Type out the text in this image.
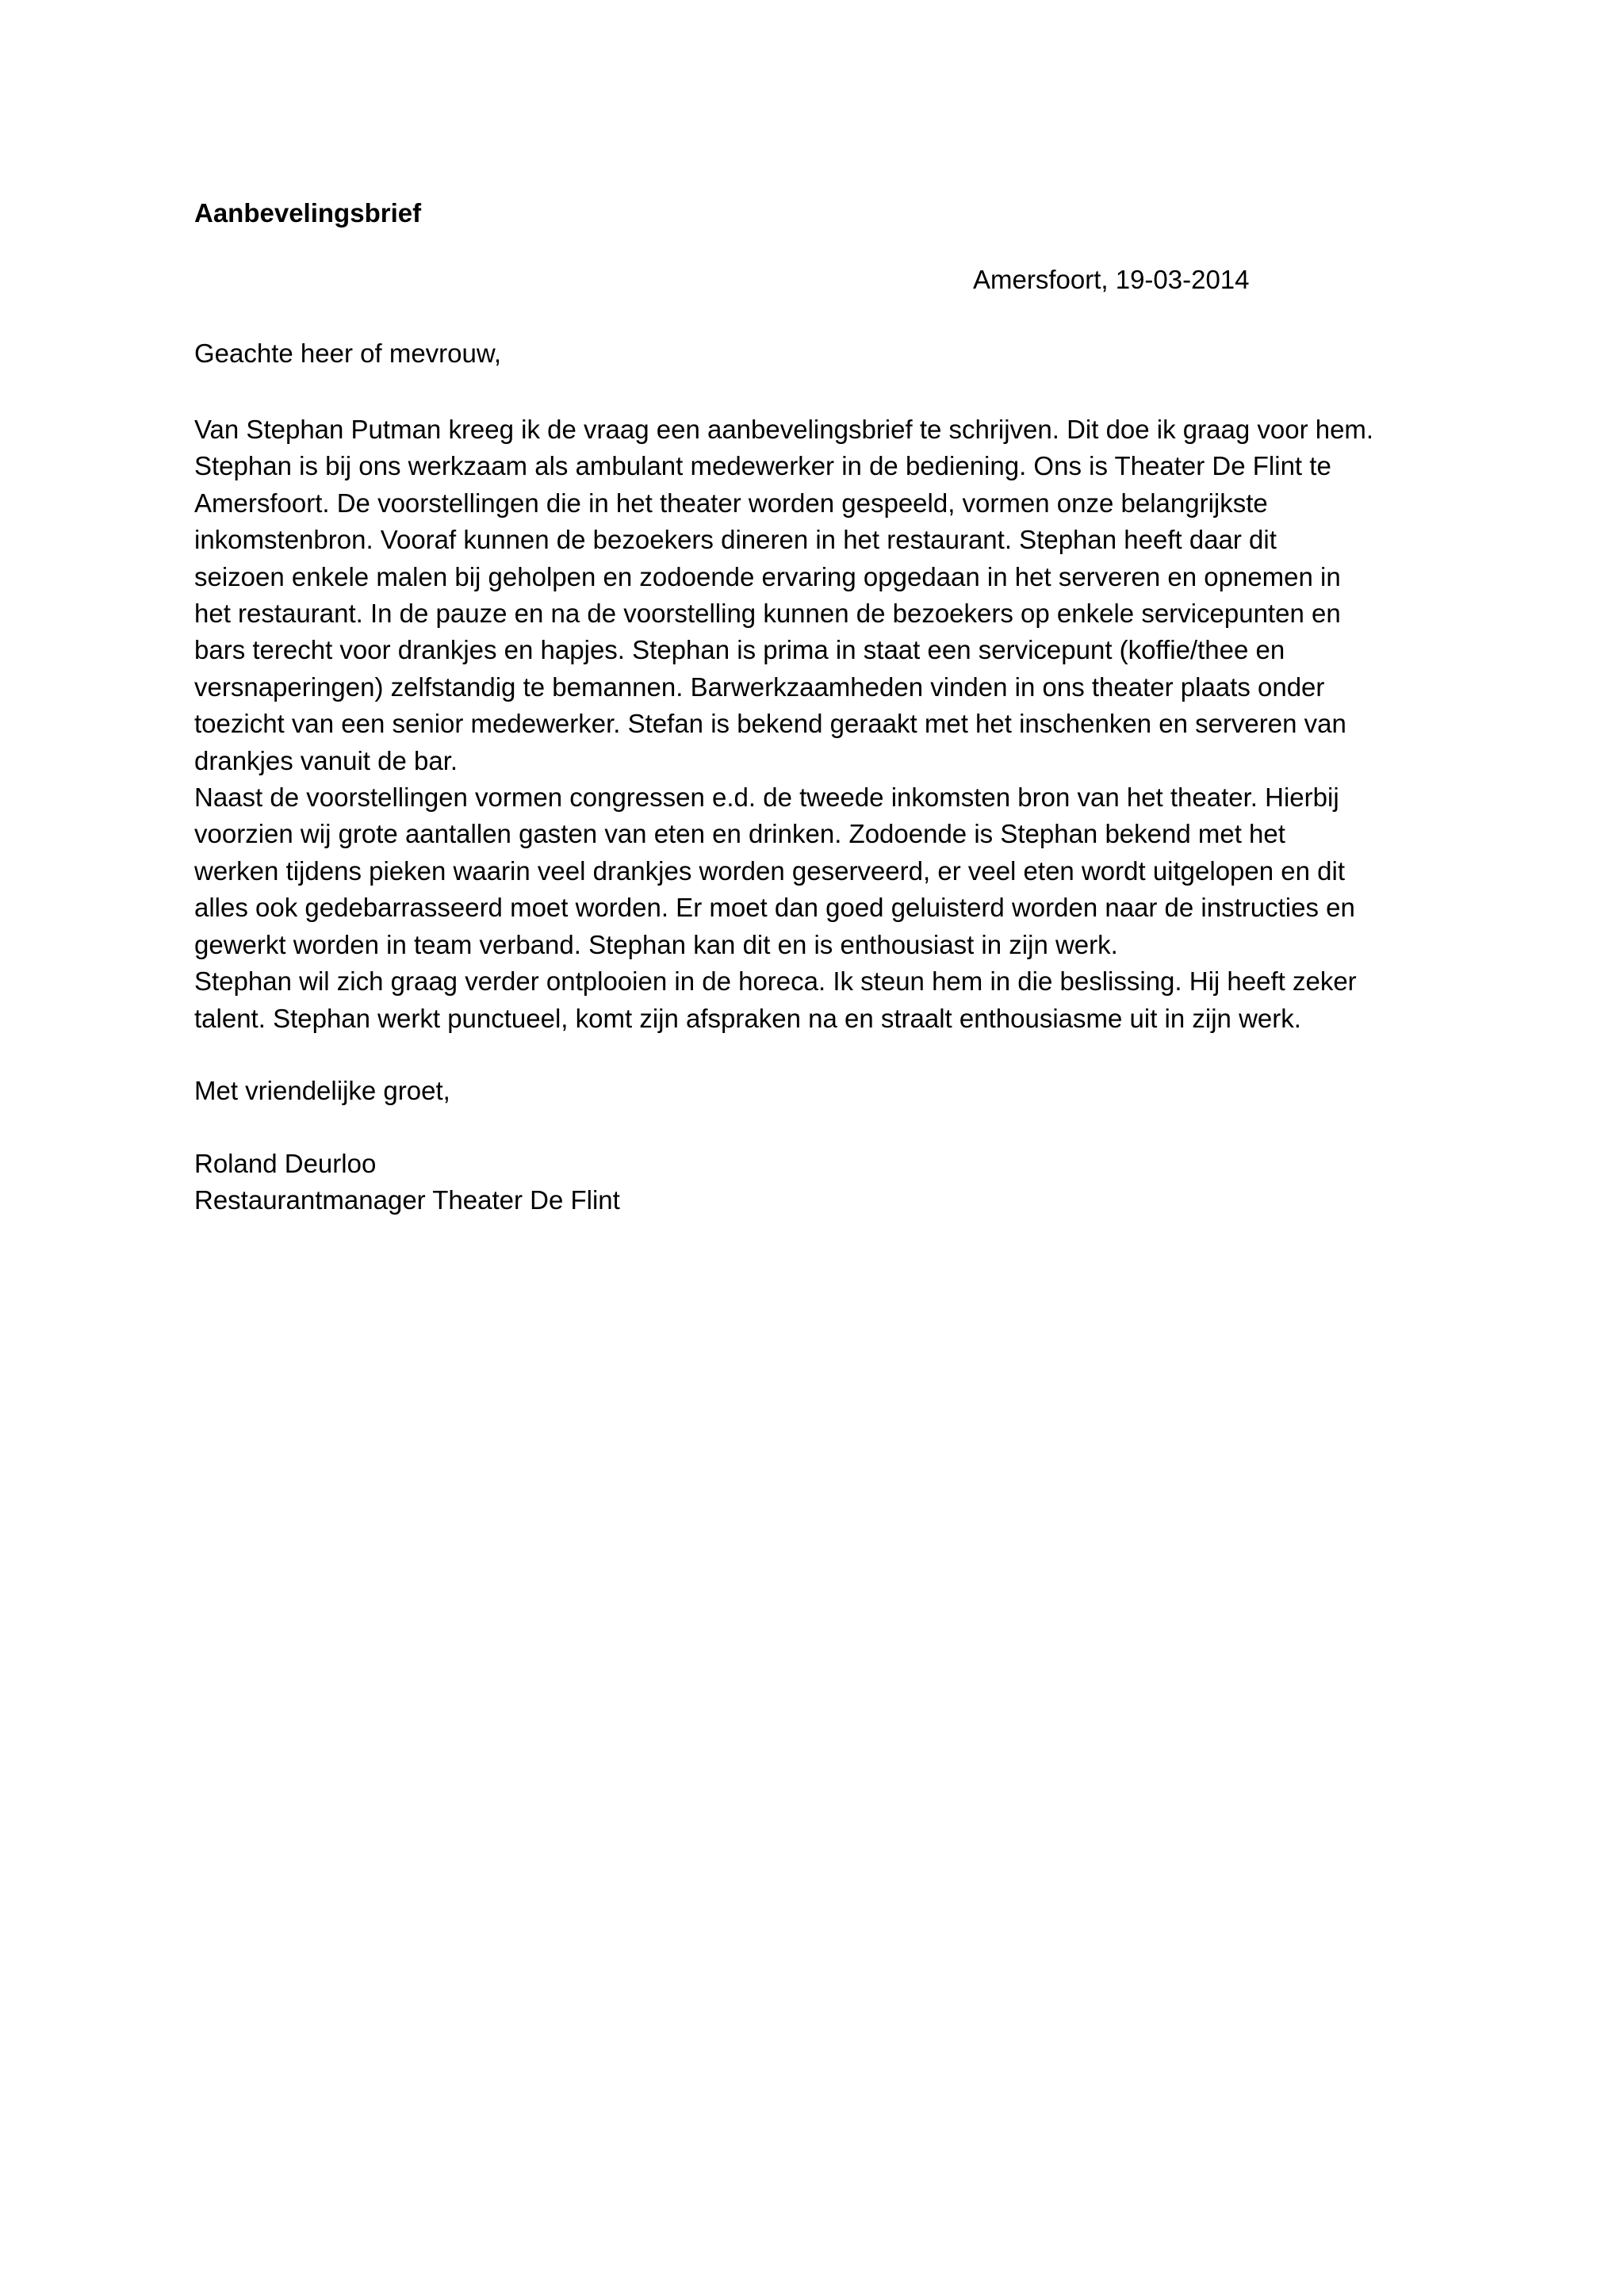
Aanbevelingsbrief

Amersfoort, 19-03-2014

Geachte heer of mevrouw,

Van Stephan Putman kreeg ik de vraag een aanbevelingsbrief te schrijven. Dit doe ik graag voor hem.
Stephan is bij ons werkzaam als ambulant medewerker in de bediening. Ons is Theater De Flint te
Amersfoort. De voorstellingen die in het theater worden gespeeld, vormen onze belangrijkste
inkomstenbron. Vooraf kunnen de bezoekers dineren in het restaurant. Stephan heeft daar dit
seizoen enkele malen bij geholpen en zodoende ervaring opgedaan in het serveren en opnemen in
het restaurant. In de pauze en na de voorstelling kunnen de bezoekers op enkele servicepunten en
bars terecht voor drankjes en hapjes. Stephan is prima in staat een servicepunt (koffie/thee en
versnaperingen) zelfstandig te bemannen. Barwerkzaamheden vinden in ons theater plaats onder
toezicht van een senior medewerker. Stefan is bekend geraakt met het inschenken en serveren van
drankjes vanuit de bar.
Naast de voorstellingen vormen congressen e.d. de tweede inkomsten bron van het theater. Hierbij
voorzien wij grote aantallen gasten van eten en drinken. Zodoende is Stephan bekend met het
werken tijdens pieken waarin veel drankjes worden geserveerd, er veel eten wordt uitgelopen en dit
alles ook gedebarrasseerd moet worden. Er moet dan goed geluisterd worden naar de instructies en
gewerkt worden in team verband. Stephan kan dit en is enthousiast in zijn werk.
Stephan wil zich graag verder ontplooien in de horeca. Ik steun hem in die beslissing. Hij heeft zeker
talent. Stephan werkt punctueel, komt zijn afspraken na en straalt enthousiasme uit in zijn werk.

Met vriendelijke groet,

Roland Deurloo

Restaurantmanager Theater De Flint
